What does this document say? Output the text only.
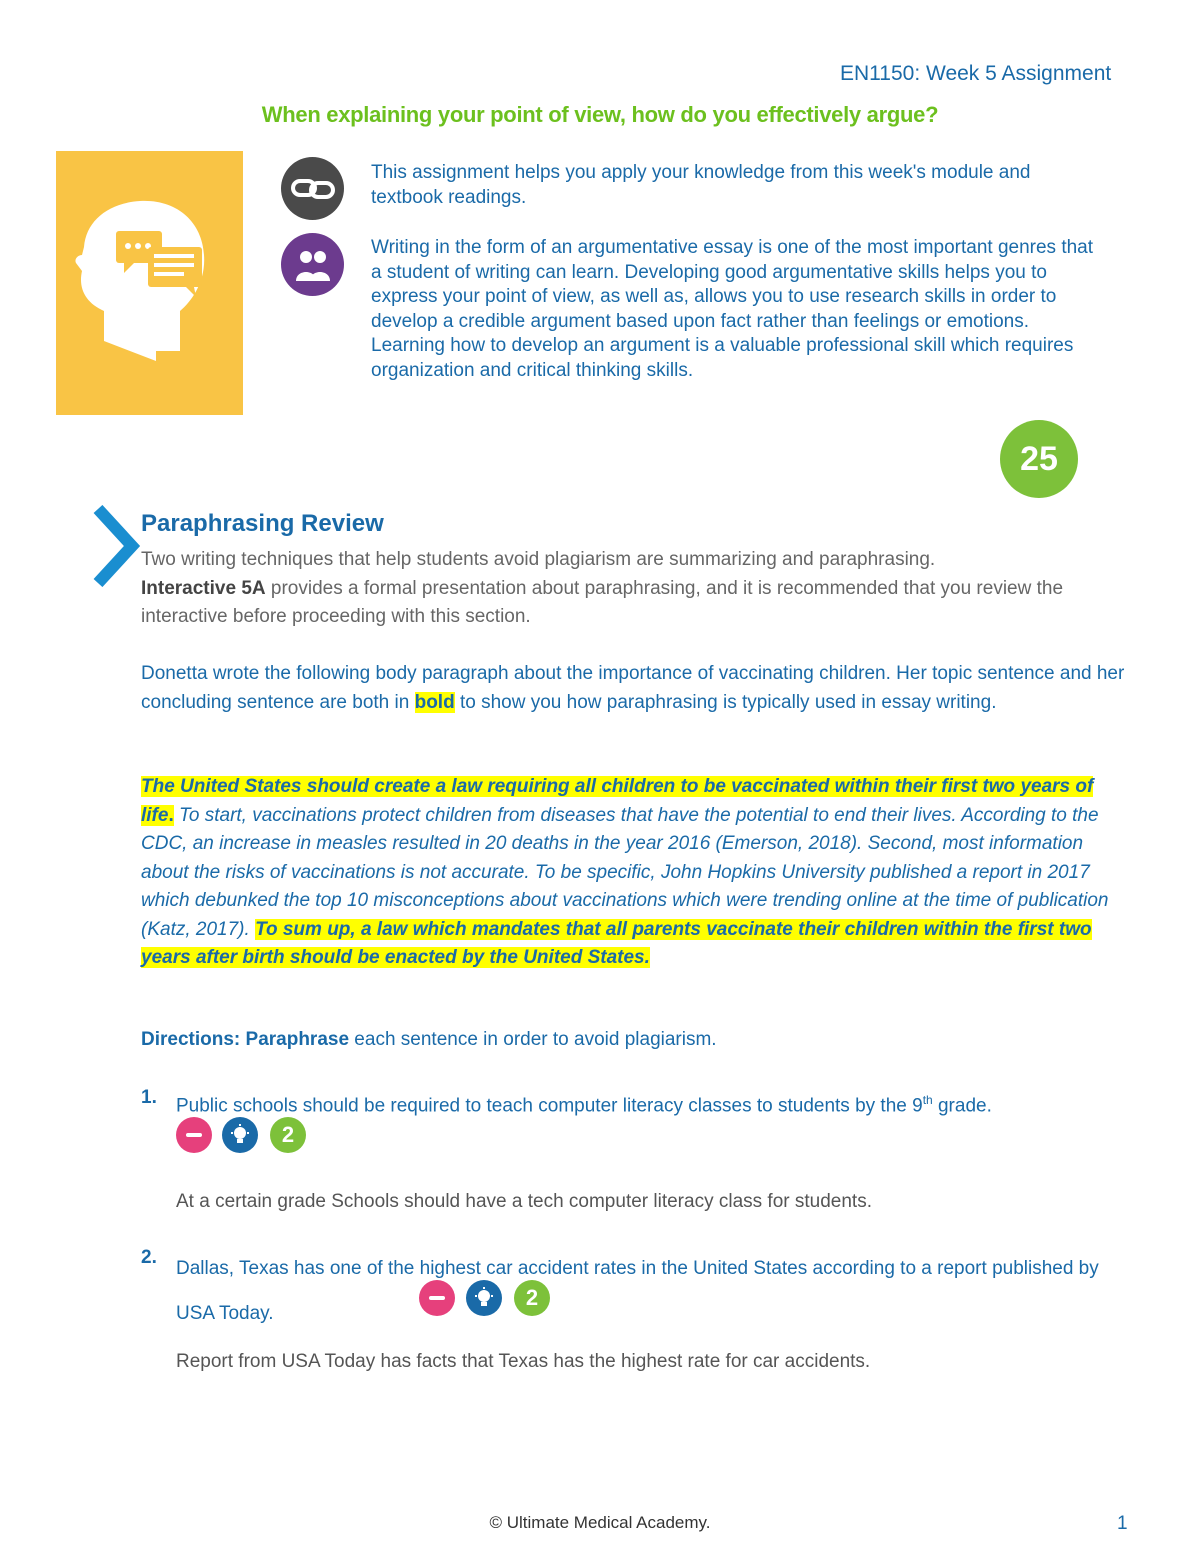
EN1150: Week 5 Assignment
When explaining your point of view, how do you effectively argue?
This assignment helps you apply your knowledge from this week's module and textbook readings.
Writing in the form of an argumentative essay is one of the most important genres that a student of writing can learn. Developing good argumentative skills helps you to express your point of view, as well as, allows you to use research skills in order to develop a credible argument based upon fact rather than feelings or emotions. Learning how to develop an argument is a valuable professional skill which requires organization and critical thinking skills.
25
Paraphrasing Review
Two writing techniques that help students avoid plagiarism are summarizing and paraphrasing.
Interactive 5A provides a formal presentation about paraphrasing, and it is recommended that you review the interactive before proceeding with this section.
Donetta wrote the following body paragraph about the importance of vaccinating children. Her topic sentence and her concluding sentence are both in bold to show you how paraphrasing is typically used in essay writing.
The United States should create a law requiring all children to be vaccinated within their first two years of life. To start, vaccinations protect children from diseases that have the potential to end their lives. According to the CDC, an increase in measles resulted in 20 deaths in the year 2016 (Emerson, 2018). Second, most information about the risks of vaccinations is not accurate. To be specific, John Hopkins University published a report in 2017 which debunked the top 10 misconceptions about vaccinations which were trending online at the time of publication (Katz, 2017). To sum up, a law which mandates that all parents vaccinate their children within the first two years after birth should be enacted by the United States.
Directions: Paraphrase each sentence in order to avoid plagiarism.
1. Public schools should be required to teach computer literacy classes to students by the 9th grade.
2
At a certain grade Schools should have a tech computer literacy class for students.
2.
Dallas, Texas has one of the highest car accident rates in the United States according to a report published by USA Today.
2
Report from USA Today has facts that Texas has the highest rate for car accidents.
© Ultimate Medical Academy.	1
